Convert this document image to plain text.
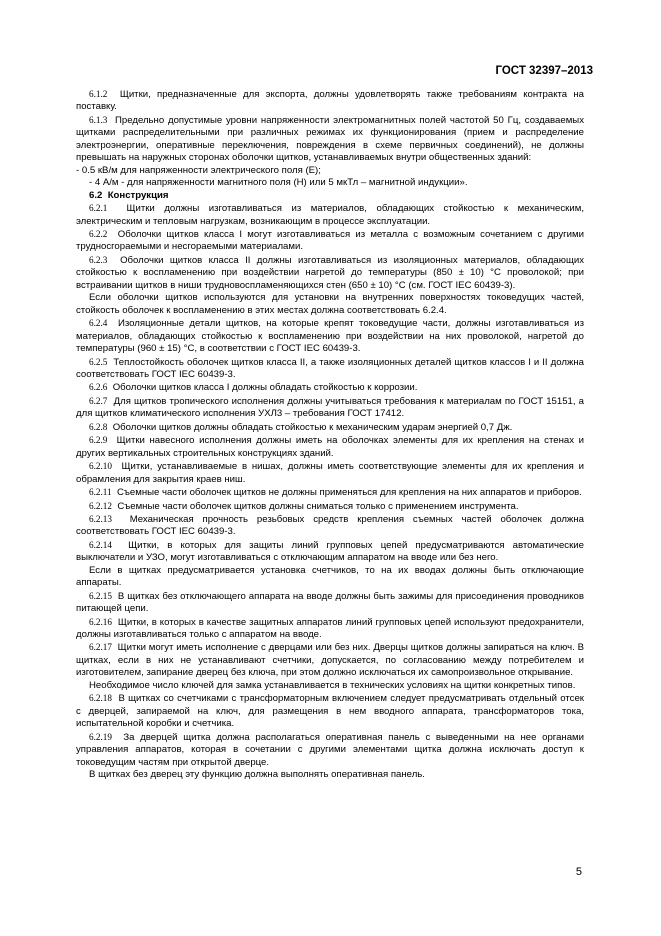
ГОСТ 32397–2013

6.1.2 Щитки, предназначенные для экспорта, должны удовлетворять также требованиям контракта на поставку.

6.1.3 Предельно допустимые уровни напряженности электромагнитных полей частотой 50 Гц, создаваемых щитками распределительными при различных режимах их функционирования (прием и распределение электроэнергии, оперативные переключения, повреждения в схеме первичных соединений), не должны превышать на наружных сторонах оболочки щитков, устанавливаемых внутри общественных зданий:

- 0.5 кВ/м для напряженности электрического поля (Е);

- 4 А/м - для напряженности магнитного поля (Н) или 5 мкТл – магнитной индукции».

6.2 Конструкция

6.2.1 Щитки должны изготавливаться из материалов, обладающих стойкостью к механическим, электрическим и тепловым нагрузкам, возникающим в процессе эксплуатации.

6.2.2 Оболочки щитков класса I могут изготавливаться из металла с возможным сочетанием с другими трудносгораемыми и несгораемыми материалами.

6.2.3 Оболочки щитков класса II должны изготавливаться из изоляционных материалов, обладающих стойкостью к воспламенению при воздействии нагретой до температуры (850 ± 10) °С проволокой; при встраивании щитков в ниши трудновоспламеняющихся стен (650 ± 10) °С (см. ГОСТ IEC 60439-3).

Если оболочки щитков используются для установки на внутренних поверхностях токоведущих частей, стойкость оболочек к воспламенению в этих местах должна соответствовать 6.2.4.

6.2.4 Изоляционные детали щитков, на которые крепят токоведущие части, должны изготавливаться из материалов, обладающих стойкостью к воспламенению при воздействии на них проволокой, нагретой до температуры (960 ± 15) °С, в соответствии с ГОСТ IEC 60439-3.

6.2.5 Теплостойкость оболочек щитков класса II, а также изоляционных деталей щитков классов I и II должна соответствовать ГОСТ IEC 60439-3.

6.2.6 Оболочки щитков класса I должны обладать стойкостью к коррозии.

6.2.7 Для щитков тропического исполнения должны учитываться требования к материалам по ГОСТ 15151, а для щитков климатического исполнения УХЛ3 – требования ГОСТ 17412.

6.2.8 Оболочки щитков должны обладать стойкостью к механическим ударам энергией 0,7 Дж.

6.2.9 Щитки навесного исполнения должны иметь на оболочках элементы для их крепления на стенах и других вертикальных строительных конструкциях зданий.

6.2.10 Щитки, устанавливаемые в нишах, должны иметь соответствующие элементы для их крепления и обрамления для закрытия краев ниш.

6.2.11 Съемные части оболочек щитков не должны применяться для крепления на них аппаратов и приборов.

6.2.12 Съемные части оболочек щитков должны сниматься только с применением инструмента.

6.2.13 Механическая прочность резьбовых средств крепления съемных частей оболочек должна соответствовать ГОСТ IEC 60439-3.

6.2.14 Щитки, в которых для защиты линий групповых цепей предусматриваются автоматические выключатели и УЗО, могут изготавливаться с отключающим аппаратом на вводе или без него.

Если в щитках предусматривается установка счетчиков, то на их вводах должны быть отключающие аппараты.

6.2.15 В щитках без отключающего аппарата на вводе должны быть зажимы для присоединения проводников питающей цепи.

6.2.16 Щитки, в которых в качестве защитных аппаратов линий групповых цепей используют предохранители, должны изготавливаться только с аппаратом на вводе.

6.2.17 Щитки могут иметь исполнение с дверцами или без них. Дверцы щитков должны запираться на ключ. В щитках, если в них не устанавливают счетчики, допускается, по согласованию между потребителем и изготовителем, запирание дверец без ключа, при этом должно исключаться их самопроизвольное открывание.

Необходимое число ключей для замка устанавливается в технических условиях на щитки конкретных типов.

6.2.18 В щитках со счетчиками с трансформаторным включением следует предусматривать отдельный отсек с дверцей, запираемой на ключ, для размещения в нем вводного аппарата, трансформаторов тока, испытательной коробки и счетчика.

6.2.19 За дверцей щитка должна располагаться оперативная панель с выведенными на нее органами управления аппаратов, которая в сочетании с другими элементами щитка должна исключать доступ к токоведущим частям при открытой дверце.

В щитках без дверец эту функцию должна выполнять оперативная панель.

5
